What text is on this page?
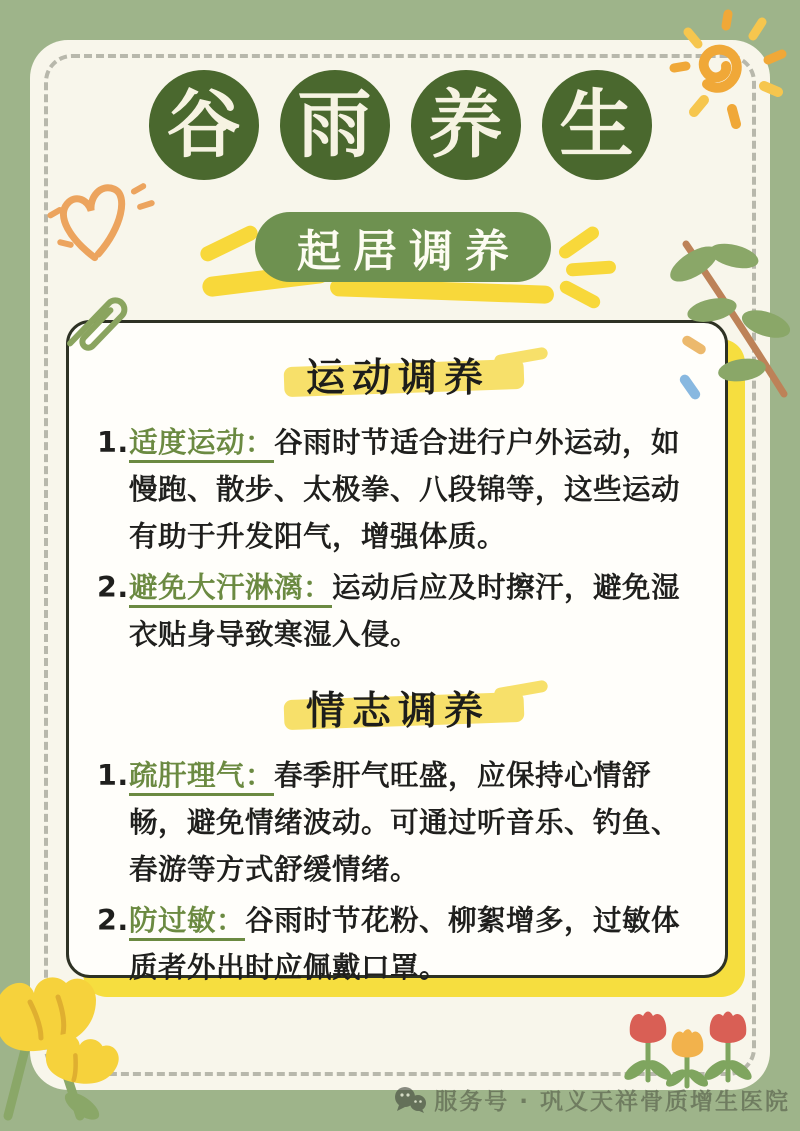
谷 雨 养 生
起居调养
运动调养
1. 适度运动：谷雨时节适合进行户外运动，如慢跑、散步、太极拳、八段锦等，这些运动有助于升发阳气，增强体质。
2. 避免大汗淋漓：运动后应及时擦汗，避免湿衣贴身导致寒湿入侵。
情志调养
1. 疏肝理气：春季肝气旺盛，应保持心情舒畅，避免情绪波动。可通过听音乐、钓鱼、春游等方式舒缓情绪。
2. 防过敏：谷雨时节花粉、柳絮增多，过敏体质者外出时应佩戴口罩。
服务号 · 巩义天祥骨质增生医院
